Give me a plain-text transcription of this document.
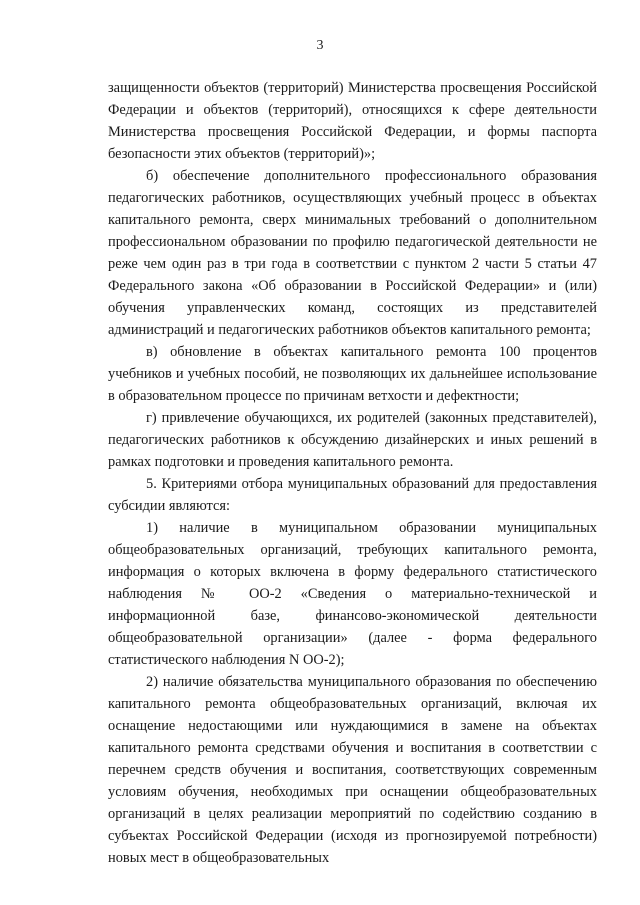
3

защищенности объектов (территорий) Министерства просвещения Российской Федерации и объектов (территорий), относящихся к сфере деятельности Министерства просвещения Российской Федерации, и формы паспорта безопасности этих объектов (территорий)»;

б) обеспечение дополнительного профессионального образования педагогических работников, осуществляющих учебный процесс в объектах капитального ремонта, сверх минимальных требований о дополнительном профессиональном образовании по профилю педагогической деятельности не реже чем один раз в три года в соответствии с пунктом 2 части 5 статьи 47 Федерального закона «Об образовании в Российской Федерации» и (или) обучения управленческих команд, состоящих из представителей администраций и педагогических работников объектов капитального ремонта;

в) обновление в объектах капитального ремонта 100 процентов учебников и учебных пособий, не позволяющих их дальнейшее использование в образовательном процессе по причинам ветхости и дефектности;

г) привлечение обучающихся, их родителей (законных представителей), педагогических работников к обсуждению дизайнерских и иных решений в рамках подготовки и проведения капитального ремонта.

5. Критериями отбора муниципальных образований для предоставления субсидии являются:

1) наличие в муниципальном образовании муниципальных общеобразовательных организаций, требующих капитального ремонта, информация о которых включена в форму федерального статистического наблюдения № ОО-2 «Сведения о материально-технической и информационной базе, финансово-экономической деятельности общеобразовательной организации» (далее - форма федерального статистического наблюдения N ОО-2);

2) наличие обязательства муниципального образования по обеспечению капитального ремонта общеобразовательных организаций, включая их оснащение недостающими или нуждающимися в замене на объектах капитального ремонта средствами обучения и воспитания в соответствии с перечнем средств обучения и воспитания, соответствующих современным условиям обучения, необходимых при оснащении общеобразовательных организаций в целях реализации мероприятий по содействию созданию в субъектах Российской Федерации (исходя из прогнозируемой потребности) новых мест в общеобразовательных
